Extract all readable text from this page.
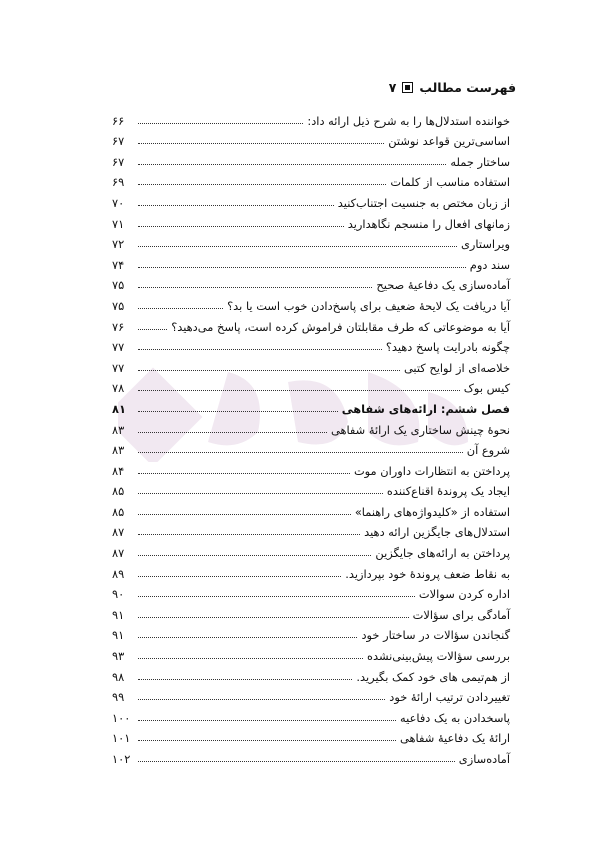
فهرست مطالب
۷
خواننده استدلال‌ها را به شرح ذیل ارائه داد:
۶۶
اساسی‌ترین قواعد نوشتن
۶۷
ساختار جمله
۶۷
استفاده مناسب از کلمات
۶۹
از زبان مختص به جنسیت اجتناب‌کنید
۷۰
زمانهای افعال را منسجم نگاهدارید
۷۱
ویراستاری
۷۲
سند دوم
۷۴
آماده‌سازی یک دفاعیهٔ صحیح
۷۵
آیا دریافت یک لایحهٔ ضعیف برای پاسخ‌دادن خوب است یا بد؟
۷۵
آیا به موضوعاتی که طرف مقابلتان فراموش کرده است، پاسخ می‌دهید؟
۷۶
چگونه بادرایت پاسخ دهید؟
۷۷
خلاصه‌ای از لوایح کتبی
۷۷
کیس بوک
۷۸
فصل ششم: ارائه‌های شفاهی
۸۱
نحوهٔ چینش ساختاری یک ارائهٔ شفاهی
۸۳
شروع آن
۸۳
پرداختن به انتظارات داوران موت
۸۴
ایجاد یک پروندهٔ اقناع‌کننده
۸۵
استفاده از «کلیدواژه‌های راهنما»
۸۵
استدلال‌های جایگزین ارائه دهید
۸۷
پرداختن به ارائه‌های جایگزین
۸۷
به نقاط ضعف پروندهٔ خود بپردازید.
۸۹
اداره کردن سوالات
۹۰
آمادگی برای سؤالات
۹۱
گنجاندن سؤالات در ساختار خود
۹۱
بررسی سؤالات پیش‌بینی‌نشده
۹۳
از هم‌تیمی های خود کمک بگیرید.
۹۸
تغییردادن ترتیب ارائهٔ خود
۹۹
پاسخدادن به یک دفاعیه
۱۰۰
ارائهٔ یک دفاعیهٔ شفاهی
۱۰۱
آماده‌سازی
۱۰۲
